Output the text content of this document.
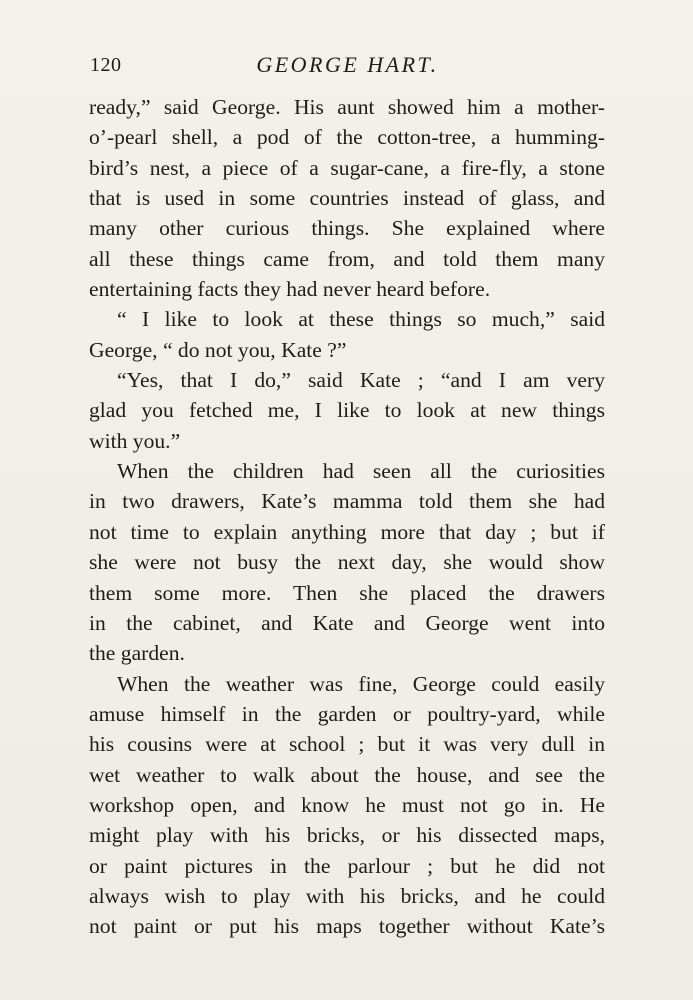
120	GEORGE HART.
ready,” said George. His aunt showed him a mother-
o’-pearl shell, a pod of the cotton-tree, a humming-
bird’s nest, a piece of a sugar-cane, a fire-fly, a stone
that is used in some countries instead of glass, and
many other curious things. She explained where
all these things came from, and told them many
entertaining facts they had never heard before.
“ I like to look at these things so much,” said
George, “ do not you, Kate ?”
“Yes, that I do,” said Kate ; “and I am very
glad you fetched me, I like to look at new things
with you.”
When the children had seen all the curiosities
in two drawers, Kate’s mamma told them she had
not time to explain anything more that day ; but if
she were not busy the next day, she would show
them some more. Then she placed the drawers
in the cabinet, and Kate and George went into
the garden.
When the weather was fine, George could easily
amuse himself in the garden or poultry-yard, while
his cousins were at school ; but it was very dull in
wet weather to walk about the house, and see the
workshop open, and know he must not go in. He
might play with his bricks, or his dissected maps,
or paint pictures in the parlour ; but he did not
always wish to play with his bricks, and he could
not paint or put his maps together without Kate’s
